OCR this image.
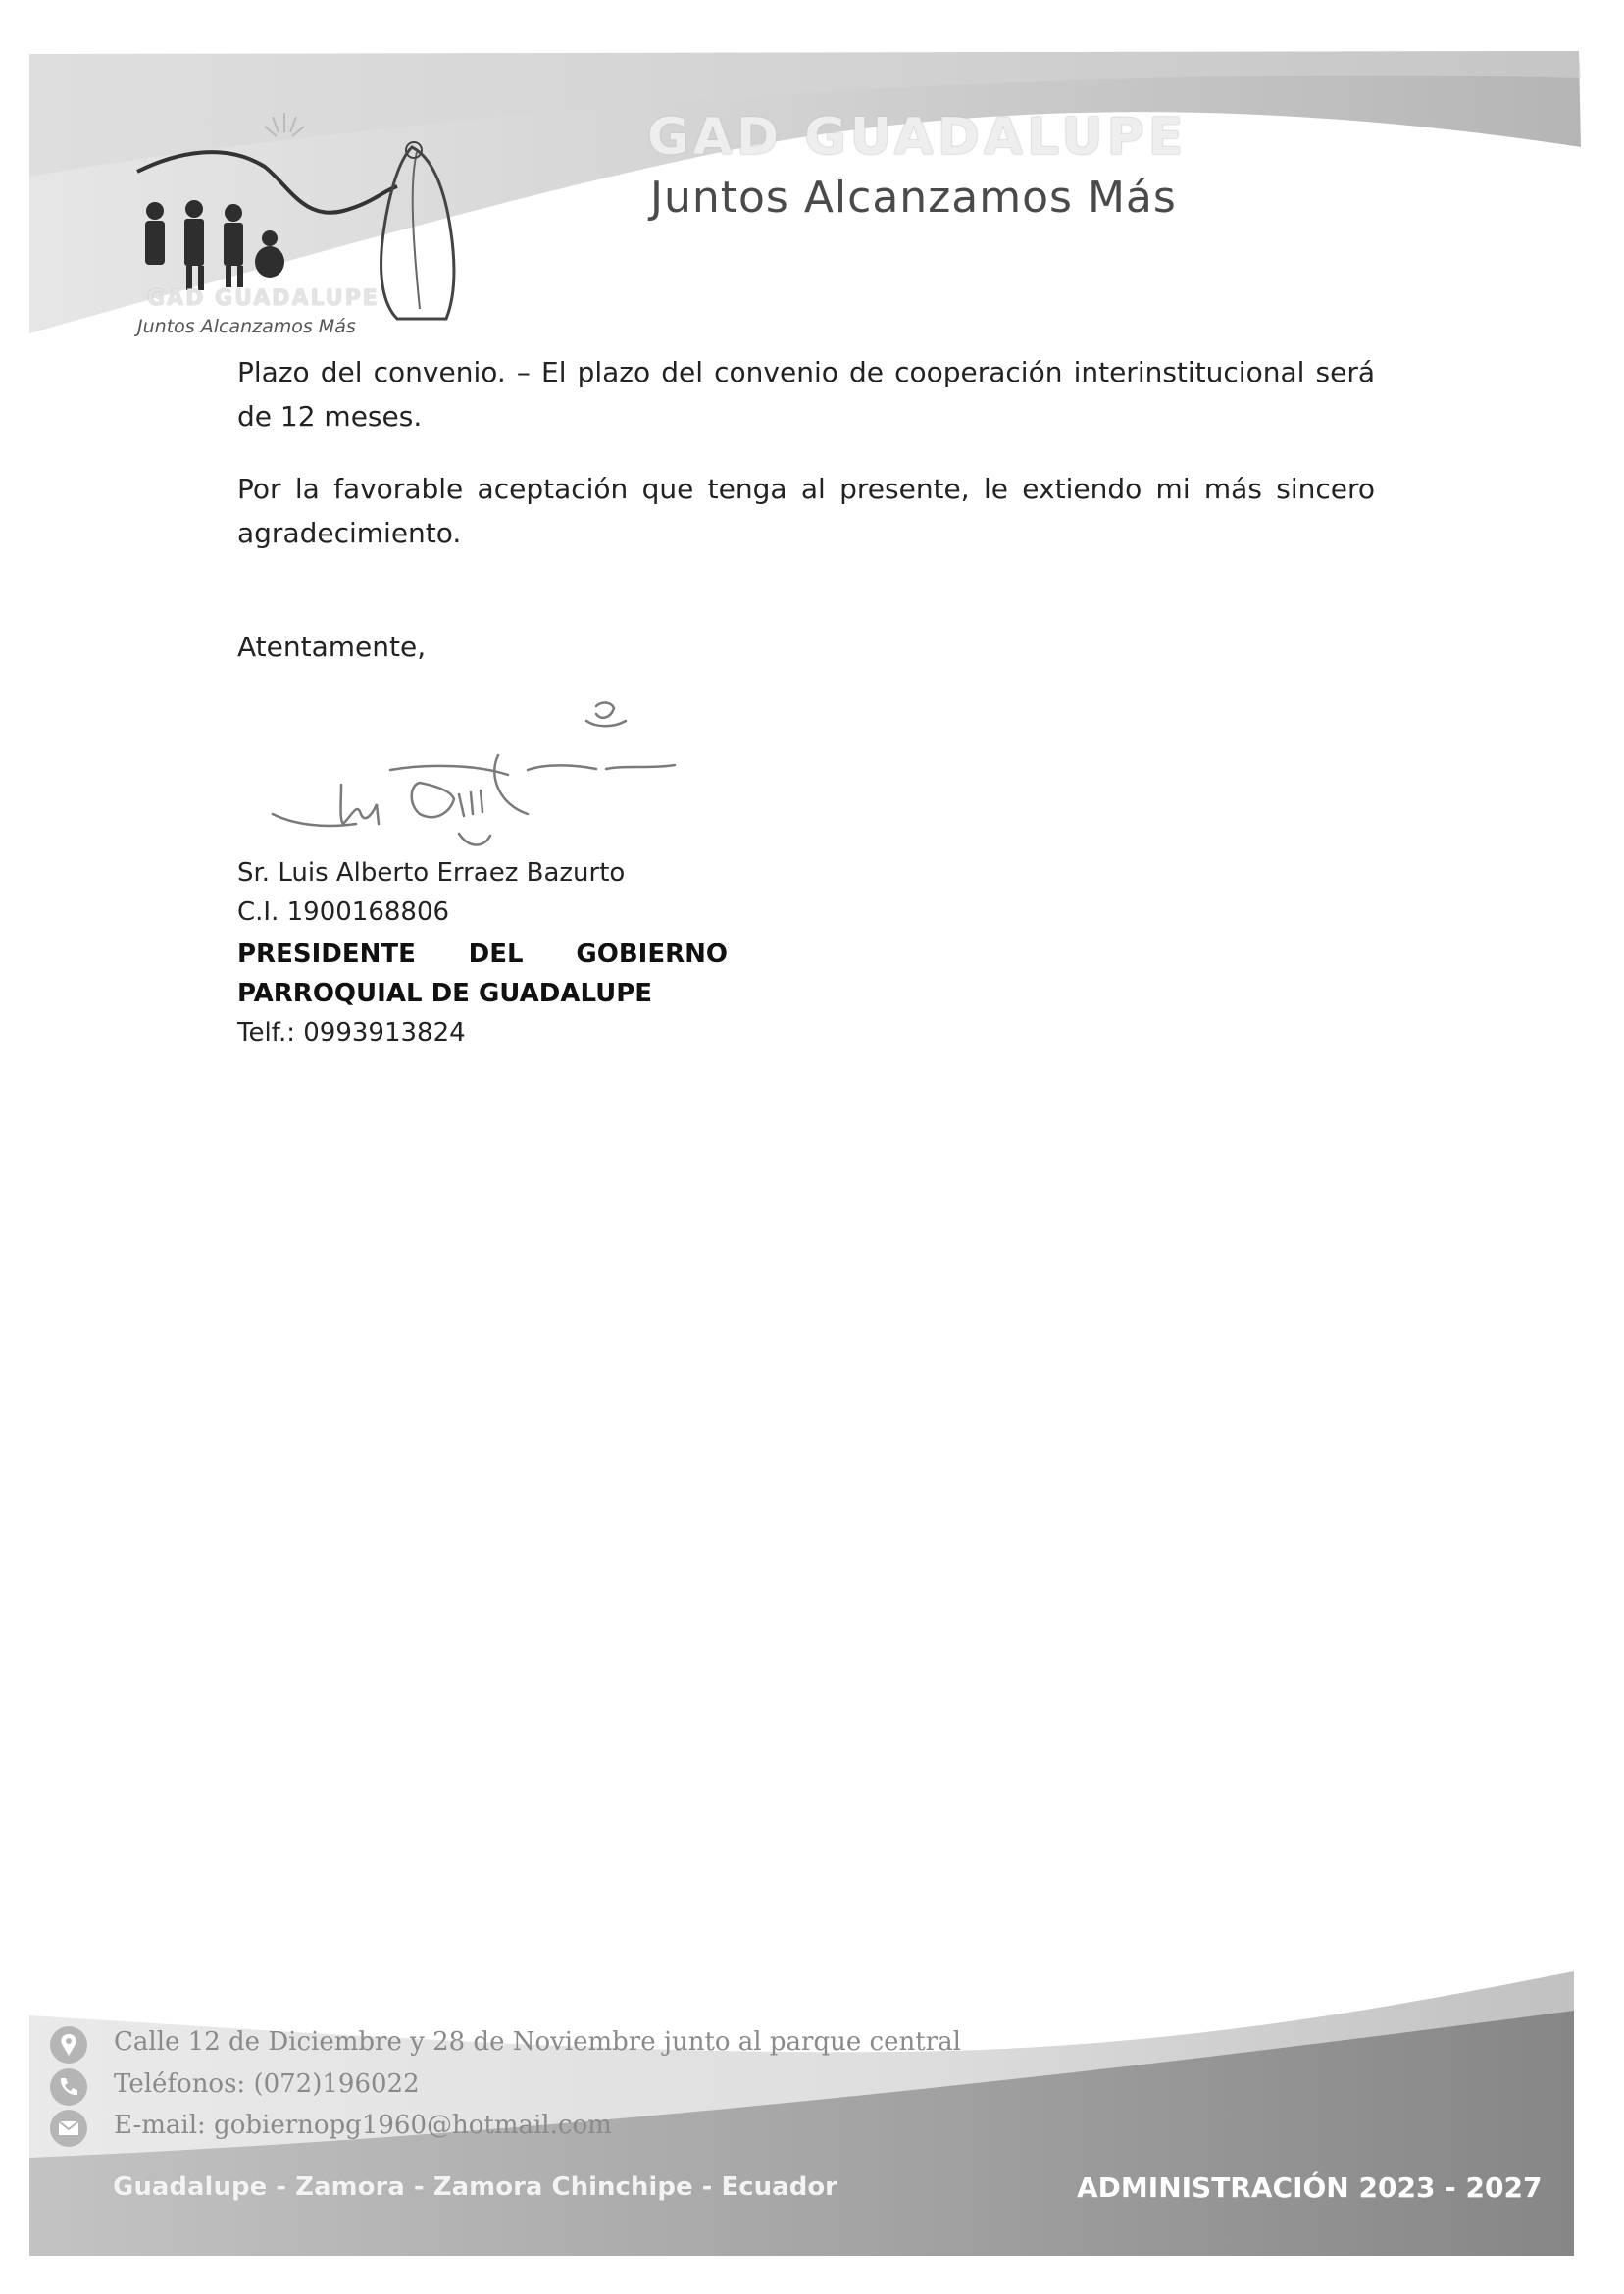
GAD GUADALUPE
Juntos Alcanzamos Más
GAD GUADALUPE
Juntos Alcanzamos Más

Plazo del convenio. – El plazo del convenio de cooperación interinstitucional será de 12 meses.

Por la favorable aceptación que tenga al presente, le extiendo mi más sincero agradecimiento.

Atentamente,
Sr. Luis Alberto Erraez Bazurto
C.I. 1900168806
PRESIDENTE DEL GOBIERNO
PARROQUIAL DE GUADALUPE
Telf.: 0993913824
Calle 12 de Diciembre y 28 de Noviembre junto al parque central
Teléfonos: (072)196022
E-mail: gobiernopg1960@hotmail.com
Guadalupe - Zamora - Zamora Chinchipe - Ecuador	ADMINISTRACIÓN 2023 - 2027
